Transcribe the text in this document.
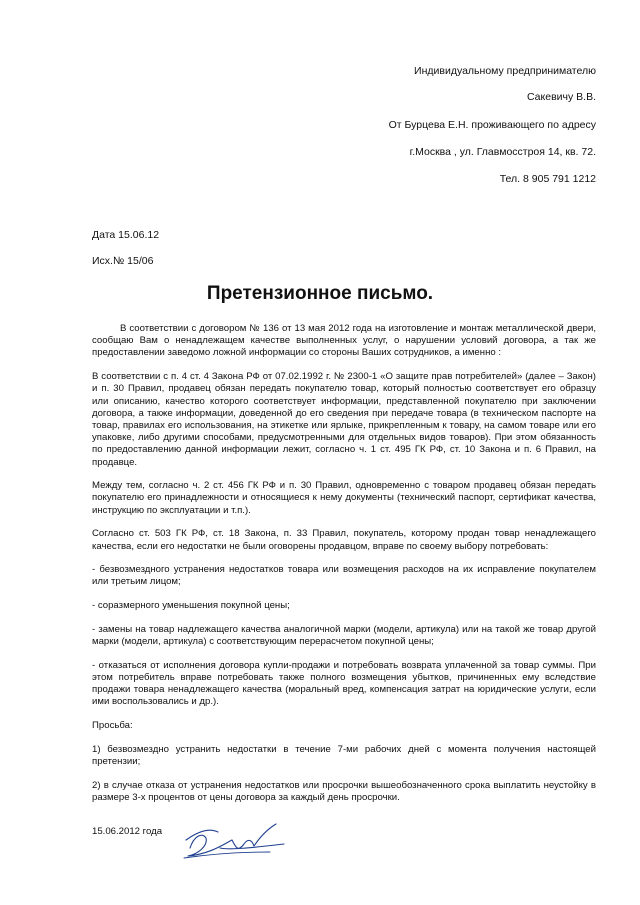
Индивидуальному предпринимателю
Сакевичу В.В.
От Бурцева Е.Н. проживающего по адресу
г.Москва , ул. Главмосстроя 14, кв. 72.
Тел. 8 905 791 1212
Дата 15.06.12
Исх.№ 15/06
Претензионное письмо.

В соответствии с договором № 136 от 13 мая 2012 года на изготовление и монтаж металлической двери, сообщаю Вам о ненадлежащем качестве выполненных услуг, о нарушении условий договора, а так же предоставлении заведомо ложной информации со стороны Ваших сотрудников, а именно :

В соответствии с п. 4 ст. 4 Закона РФ от 07.02.1992 г. № 2300-1 «О защите прав потребителей» (далее – Закон) и п. 30 Правил, продавец обязан передать покупателю товар, который полностью соответствует его образцу или описанию, качество которого соответствует информации, представленной покупателю при заключении договора, а также информации, доведенной до его сведения при передаче товара (в техническом паспорте на товар, правилах его использования, на этикетке или ярлыке, прикрепленным к товару, на самом товаре или его упаковке, либо другими способами, предусмотренными для отдельных видов товаров). При этом обязанность по предоставлению данной информации лежит, согласно ч. 1 ст. 495 ГК РФ, ст. 10 Закона и п. 6 Правил, на продавце.

Между тем, согласно ч. 2 ст. 456 ГК РФ и п. 30 Правил, одновременно с товаром продавец обязан передать покупателю его принадлежности и относящиеся к нему документы (технический паспорт, сертификат качества, инструкцию по эксплуатации и т.п.).

Согласно ст. 503 ГК РФ, ст. 18 Закона, п. 33 Правил, покупатель, которому продан товар ненадлежащего качества, если его недостатки не были оговорены продавцом, вправе по своему выбору потребовать:

- безвозмездного устранения недостатков товара или возмещения расходов на их исправление покупателем или третьим лицом;

- соразмерного уменьшения покупной цены;

- замены на товар надлежащего качества аналогичной марки (модели, артикула) или на такой же товар другой марки (модели, артикула) с соответствующим перерасчетом покупной цены;

- отказаться от исполнения договора купли-продажи и потребовать возврата уплаченной за товар суммы. При этом потребитель вправе потребовать также полного возмещения убытков, причиненных ему вследствие продажи товара ненадлежащего качества (моральный вред, компенсация затрат на юридические услуги, если ими воспользовались и др.).

Просьба:

1) безвозмездно устранить недостатки в течение 7-ми рабочих дней с момента получения настоящей претензии;

2) в случае отказа от устранения недостатков или просрочки вышеобозначенного срока выплатить неустойку в размере 3-х процентов от цены договора за каждый день просрочки.

15.06.2012 года
